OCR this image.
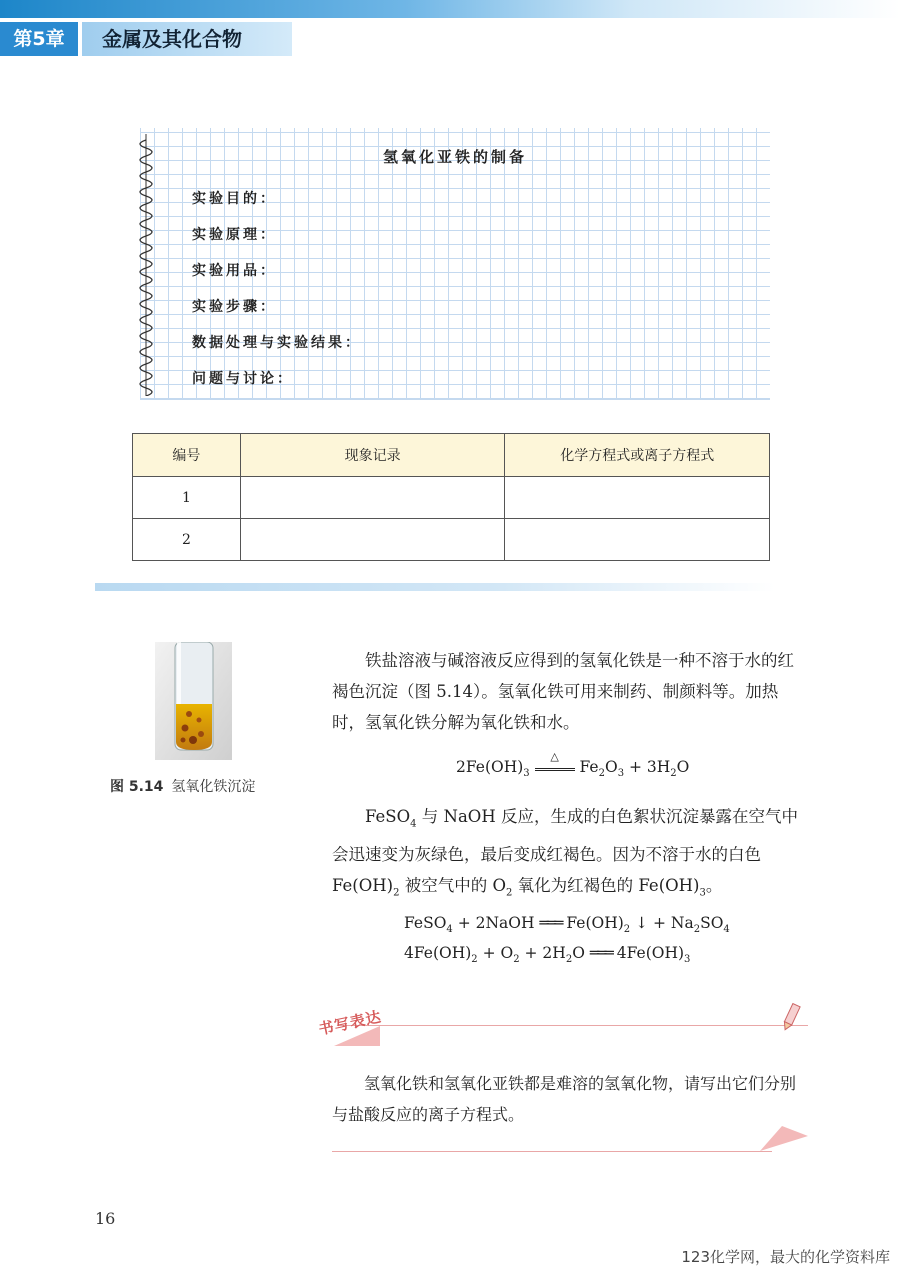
第5章	金属及其化合物
氢氧化亚铁的制备
实验目的：
实验原理：
实验用品：
实验步骤：
数据处理与实验结果：
问题与讨论：
编号	现象记录	化学方程式或离子方程式
1		
2		
图 5.14 氢氧化铁沉淀
铁盐溶液与碱溶液反应得到的氢氧化铁是一种不溶于水的红褐色沉淀（图 5.14）。氢氧化铁可用来制药、制颜料等。加热时，氢氧化铁分解为氧化铁和水。
$2Fe(OH)_3$
△
$Fe_2O_3 + 3H_2O$
FeSO$_4$ 与 NaOH 反应，生成的白色絮状沉淀暴露在空气中会迅速变为灰绿色，最后变成红褐色。因为不溶于水的白色 $Fe(OH)_2$ 被空气中的 $O_2$ 氧化为红褐色的 $Fe(OH)_3$。
FeSO$_4$ + 2NaOH ═══ $Fe(OH)_2$ ↓ + $Na_2SO_4$
$4Fe(OH)_2 + O_2 + 2H_2O$ ═══ $4Fe(OH)_3$
书写表达
氢氧化铁和氢氧化亚铁都是难溶的氢氧化物，请写出它们分别与盐酸反应的离子方程式。
16
123化学网，最大的化学资料库
